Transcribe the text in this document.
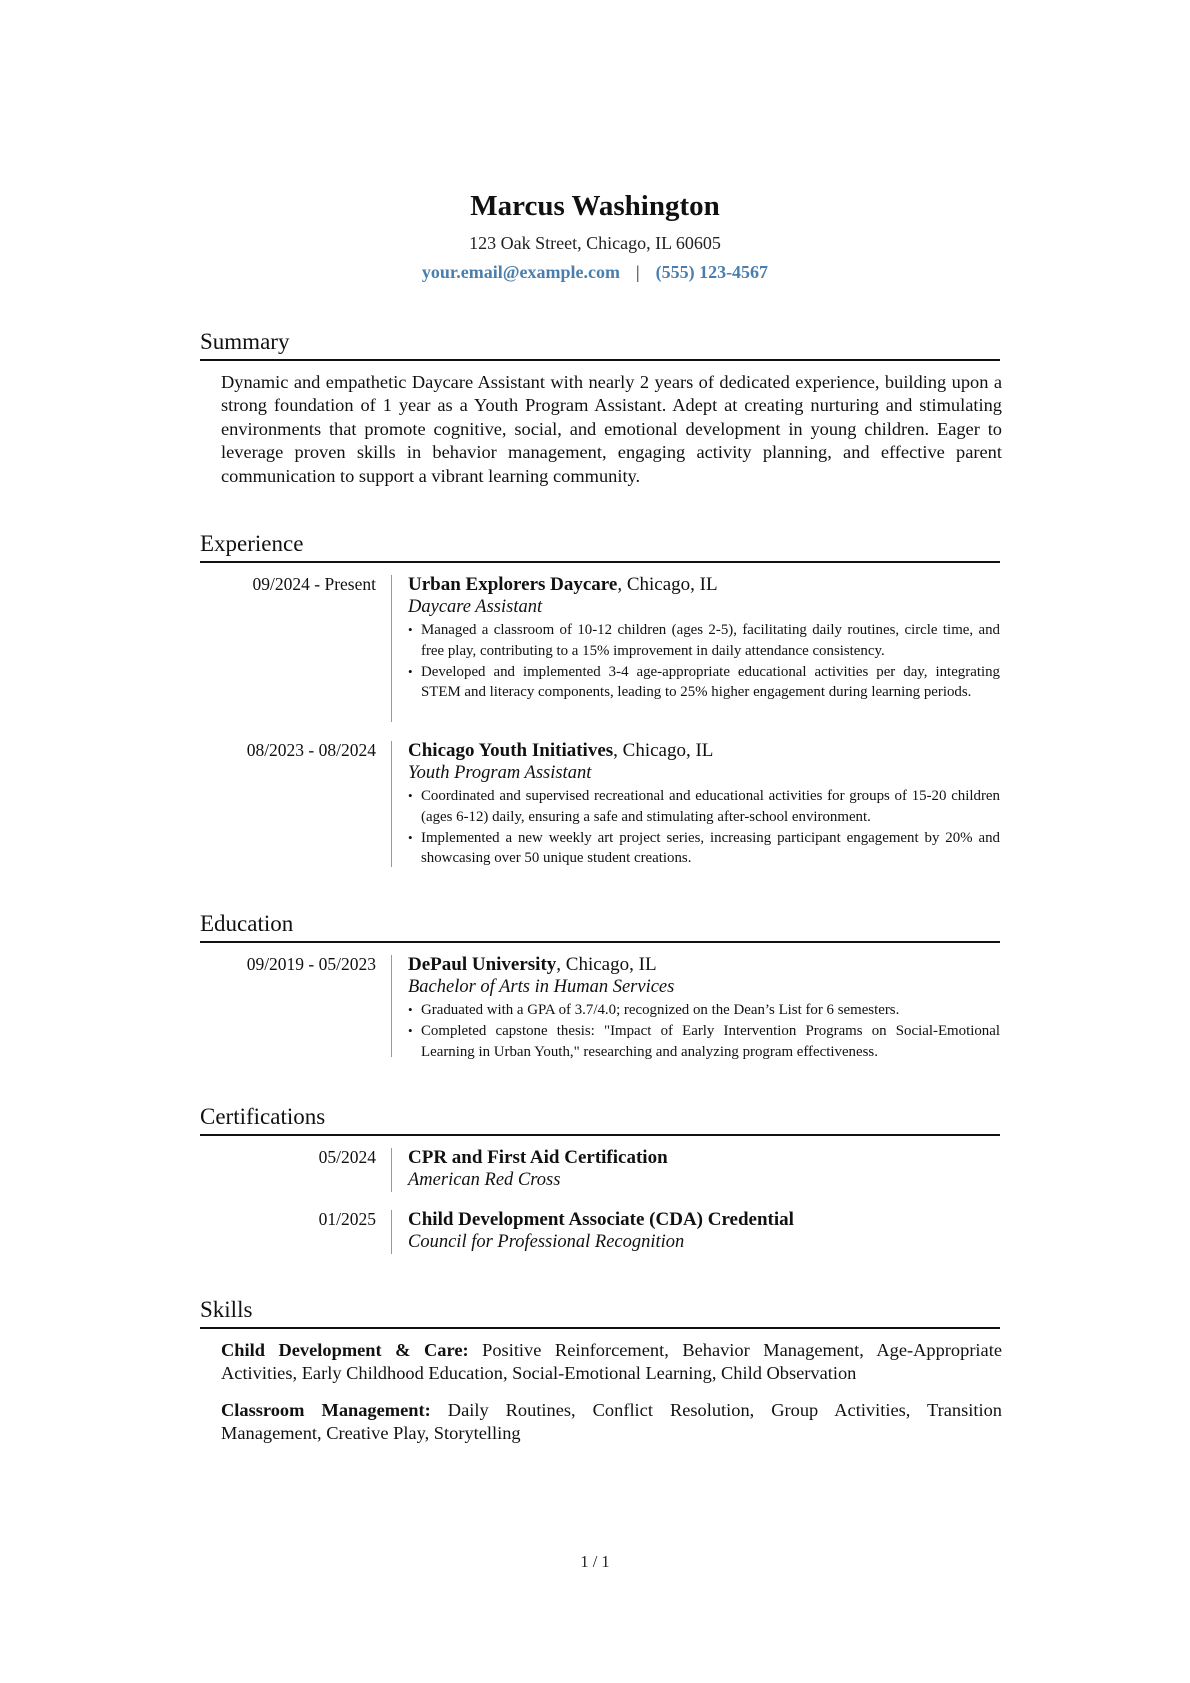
Marcus Washington
123 Oak Street, Chicago, IL 60605
your.email@example.com | (555) 123-4567
Summary
Dynamic and empathetic Daycare Assistant with nearly 2 years of dedicated experience, building upon a strong foundation of 1 year as a Youth Program Assistant. Adept at creating nurturing and stimulating environments that promote cognitive, social, and emotional development in young children. Eager to leverage proven skills in behavior management, engaging activity planning, and effective parent communication to support a vibrant learning community.
Experience
09/2024 - Present Urban Explorers Daycare, Chicago, IL
Daycare Assistant
• Managed a classroom of 10-12 children (ages 2-5), facilitating daily routines, circle time, and free play, contributing to a 15% improvement in daily attendance consistency.
• Developed and implemented 3-4 age-appropriate educational activities per day, integrating STEM and literacy components, leading to 25% higher engagement during learning periods.
08/2023 - 08/2024 Chicago Youth Initiatives, Chicago, IL
Youth Program Assistant
• Coordinated and supervised recreational and educational activities for groups of 15-20 children (ages 6-12) daily, ensuring a safe and stimulating after-school environment.
• Implemented a new weekly art project series, increasing participant engagement by 20% and showcasing over 50 unique student creations.
Education
09/2019 - 05/2023 DePaul University, Chicago, IL
Bachelor of Arts in Human Services
• Graduated with a GPA of 3.7/4.0; recognized on the Dean’s List for 6 semesters.
• Completed capstone thesis: "Impact of Early Intervention Programs on Social-Emotional Learning in Urban Youth," researching and analyzing program effectiveness.
Certifications
05/2024 CPR and First Aid Certification
American Red Cross
01/2025 Child Development Associate (CDA) Credential
Council for Professional Recognition
Skills
Child Development & Care: Positive Reinforcement, Behavior Management, Age-Appropriate Activities, Early Childhood Education, Social-Emotional Learning, Child Observation
Classroom Management: Daily Routines, Conflict Resolution, Group Activities, Transition Management, Creative Play, Storytelling
1 / 1
